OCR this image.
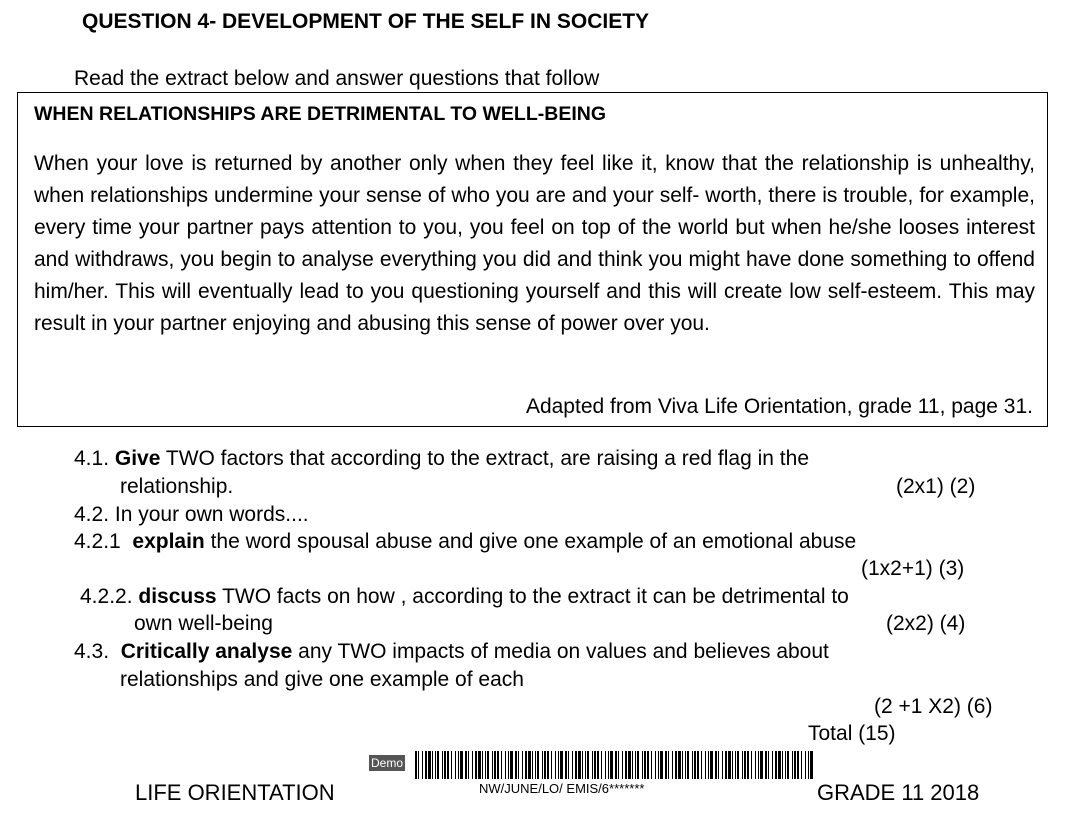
QUESTION 4- DEVELOPMENT OF THE SELF IN SOCIETY
Read the extract below and answer questions that follow
WHEN RELATIONSHIPS ARE DETRIMENTAL TO WELL-BEING
When your love is returned by another only when they feel like it, know that the relationship is unhealthy, when relationships undermine your sense of who you are and your self- worth, there is trouble, for example, every time your partner pays attention to you, you feel on top of the world but when he/she looses interest and withdraws, you begin to analyse everything you did and think you might have done something to offend him/her. This will eventually lead to you questioning yourself and this will create low self-esteem. This may result in your partner enjoying and abusing this sense of power over you.
Adapted from Viva Life Orientation, grade 11, page 31.
4.1. Give TWO factors that according to the extract, are raising a red flag in the
relationship.	(2x1) (2)
4.2. In your own words....
4.2.1 explain the word spousal abuse and give one example of an emotional abuse
(1x2+1) (3)
4.2.2. discuss TWO facts on how , according to the extract it can be detrimental to
own well-being	(2x2) (4)
4.3. Critically analyse any TWO impacts of media on values and believes about
relationships and give one example of each
(2 +1 X2) (6)
Total (15)
Demo
NW/JUNE/LO/ EMIS/6*******
LIFE ORIENTATION	GRADE 11 2018
